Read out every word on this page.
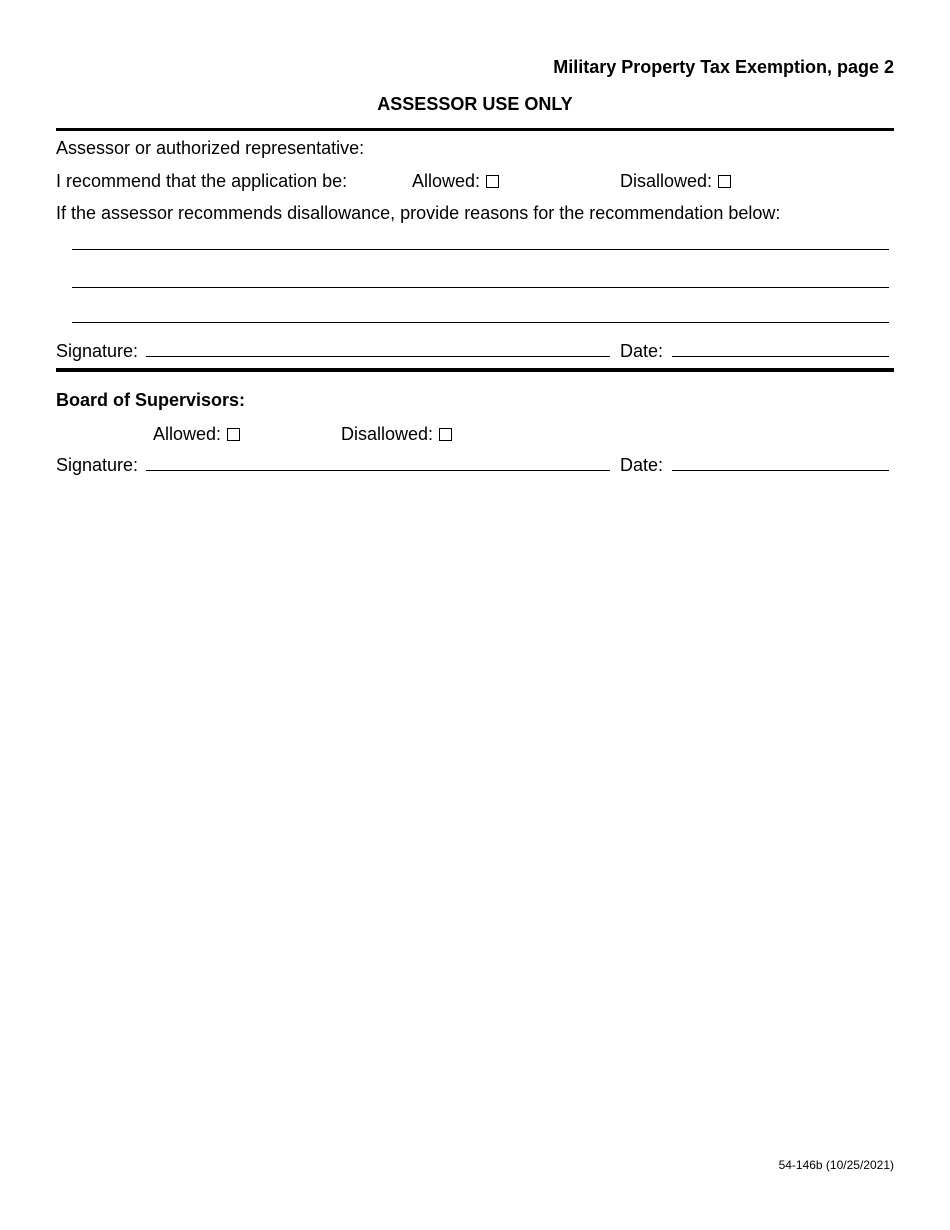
Military Property Tax Exemption, page 2
ASSESSOR USE ONLY
Assessor or authorized representative:
I recommend that the application be:	Allowed:	Disallowed:
If the assessor recommends disallowance, provide reasons for the recommendation below:
Signature:	Date:
Board of Supervisors:
Allowed:	Disallowed:
Signature:	Date:
54-146b (10/25/2021)
